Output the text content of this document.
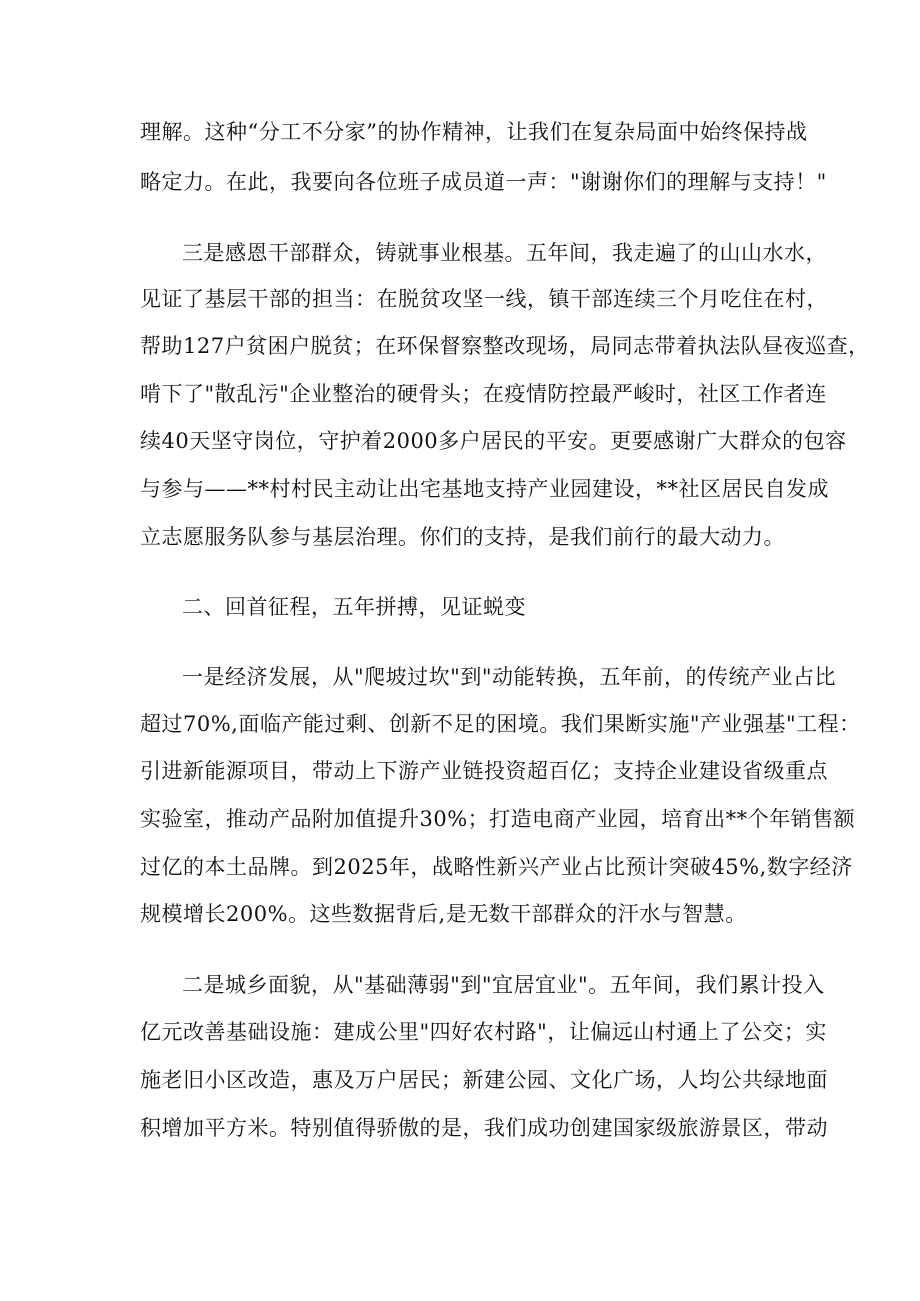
理解。这种“分工不分家”的协作精神，让我们在复杂局面中始终保持战
略定力。在此，我要向各位班子成员道一声："谢谢你们的理解与支持！"
三是感恩干部群众，铸就事业根基。五年间，我走遍了的山山水水，
见证了基层干部的担当：在脱贫攻坚一线，镇干部连续三个月吃住在村，
帮助127户贫困户脱贫；在环保督察整改现场，局同志带着执法队昼夜巡查，
啃下了"散乱污"企业整治的硬骨头；在疫情防控最严峻时，社区工作者连
续40天坚守岗位，守护着2000多户居民的平安。更要感谢广大群众的包容
与参与——**村村民主动让出宅基地支持产业园建设，**社区居民自发成
立志愿服务队参与基层治理。你们的支持，是我们前行的最大动力。
二、回首征程，五年拼搏，见证蜕变
一是经济发展，从"爬坡过坎"到"动能转换，五年前，的传统产业占比
超过70%,面临产能过剩、创新不足的困境。我们果断实施"产业强基"工程：
引进新能源项目，带动上下游产业链投资超百亿；支持企业建设省级重点
实验室，推动产品附加值提升30%；打造电商产业园，培育出**个年销售额
过亿的本土品牌。到2025年，战略性新兴产业占比预计突破45%,数字经济
规模增长200%。这些数据背后,是无数干部群众的汗水与智慧。
二是城乡面貌，从"基础薄弱"到"宜居宜业"。五年间，我们累计投入
亿元改善基础设施：建成公里"四好农村路"，让偏远山村通上了公交；实
施老旧小区改造，惠及万户居民；新建公园、文化广场，人均公共绿地面
积增加平方米。特别值得骄傲的是，我们成功创建国家级旅游景区，带动
